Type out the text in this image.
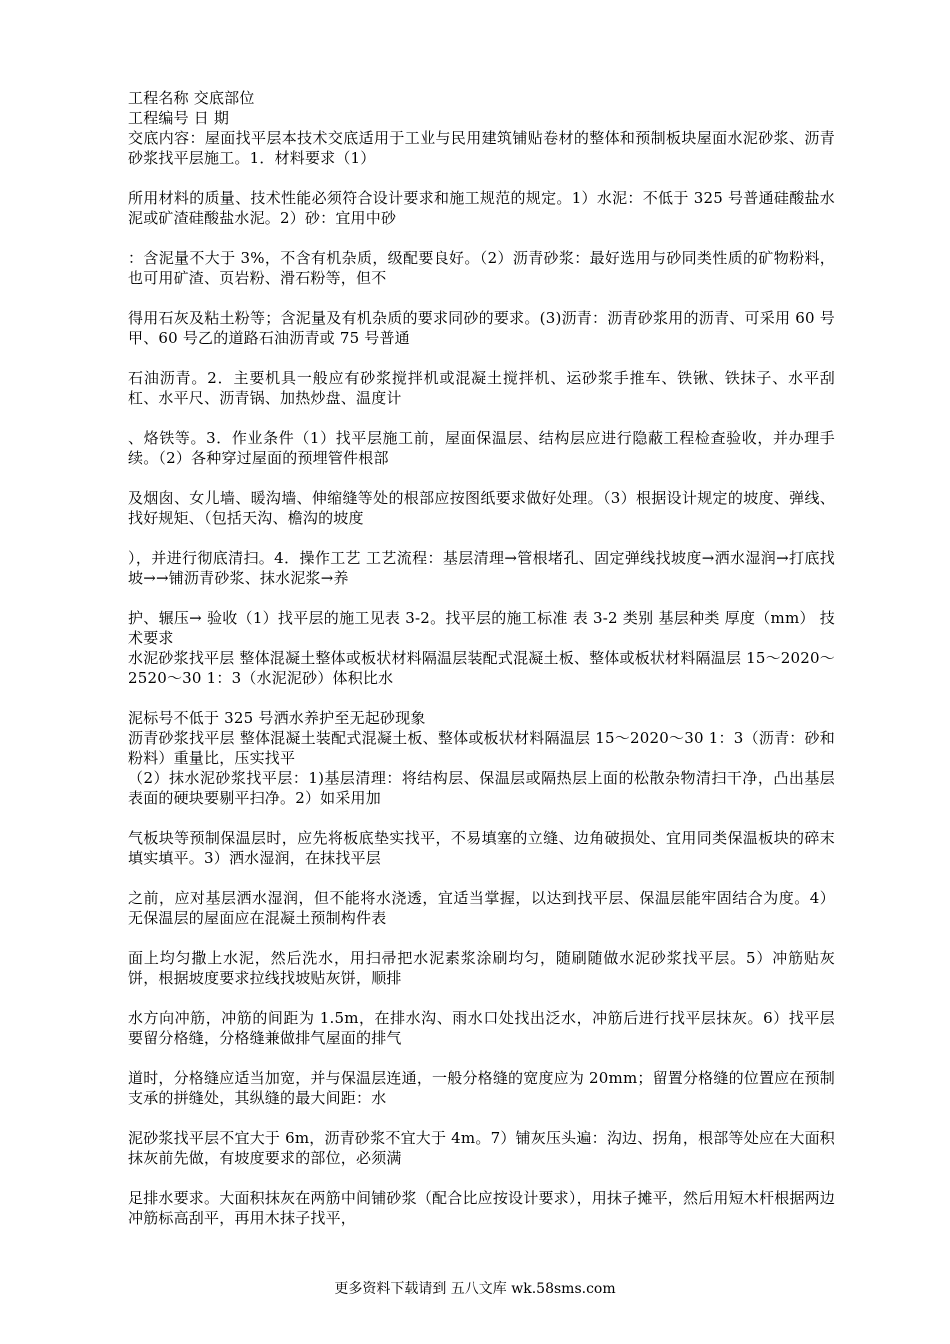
工程名称 交底部位

工程编号 日 期

交底内容：屋面找平层本技术交底适用于工业与民用建筑铺贴卷材的整体和预制板块屋面水泥砂浆、沥青砂浆找平层施工。1．材料要求（1）

所用材料的质量、技术性能必须符合设计要求和施工规范的规定。1）水泥：不低于 325 号普通硅酸盐水泥或矿渣硅酸盐水泥。2）砂：宜用中砂

：含泥量不大于 3%，不含有机杂质，级配要良好。（2）沥青砂浆：最好选用与砂同类性质的矿物粉料，也可用矿渣、页岩粉、滑石粉等，但不

得用石灰及粘土粉等；含泥量及有机杂质的要求同砂的要求。(3)沥青：沥青砂浆用的沥青、可采用 60 号甲、60 号乙的道路石油沥青或 75 号普通

石油沥青。2．主要机具一般应有砂浆搅拌机或混凝土搅拌机、运砂浆手推车、铁锹、铁抹子、水平刮杠、水平尺、沥青锅、加热炒盘、温度计

、烙铁等。3．作业条件（1）找平层施工前，屋面保温层、结构层应进行隐蔽工程检查验收，并办理手续。（2）各种穿过屋面的预埋管件根部

及烟囱、女儿墙、暖沟墙、伸缩缝等处的根部应按图纸要求做好处理。（3）根据设计规定的坡度、弹线、找好规矩、（包括天沟、檐沟的坡度

），并进行彻底清扫。4．操作工艺 工艺流程：基层清理→管根堵孔、固定弹线找坡度→洒水湿润→打底找坡→→铺沥青砂浆、抹水泥浆→养

护、辗压→ 验收（1）找平层的施工见表 3-2。找平层的施工标准 表 3-2 类别 基层种类 厚度（mm） 技术要求

水泥砂浆找平层 整体混凝土整体或板状材料隔温层装配式混凝土板、整体或板状材料隔温层 15～2020～2520～30 1：3（水泥泥砂）体积比水

泥标号不低于 325 号洒水养护至无起砂现象

沥青砂浆找平层 整体混凝土装配式混凝土板、整体或板状材料隔温层 15～2020～30 1：3（沥青：砂和粉料）重量比，压实找平

（2）抹水泥砂浆找平层：1)基层清理：将结构层、保温层或隔热层上面的松散杂物清扫干净，凸出基层表面的硬块要剔平扫净。2）如采用加

气板块等预制保温层时，应先将板底垫实找平，不易填塞的立缝、边角破损处、宜用同类保温板块的碎末填实填平。3）洒水湿润，在抹找平层

之前，应对基层洒水湿润，但不能将水浇透，宜适当掌握，以达到找平层、保温层能牢固结合为度。4）无保温层的屋面应在混凝土预制构件表

面上均匀撒上水泥，然后洗水，用扫帚把水泥素浆涂刷均匀，随刷随做水泥砂浆找平层。5）冲筋贴灰饼，根据坡度要求拉线找坡贴灰饼，顺排

水方向冲筋，冲筋的间距为 1.5m，在排水沟、雨水口处找出泛水，冲筋后进行找平层抹灰。6）找平层要留分格缝，分格缝兼做排气屋面的排气

道时，分格缝应适当加宽，并与保温层连通，一般分格缝的宽度应为 20mm；留置分格缝的位置应在预制支承的拼缝处，其纵缝的最大间距：水

泥砂浆找平层不宜大于 6m，沥青砂浆不宜大于 4m。7）铺灰压头遍：沟边、拐角，根部等处应在大面积抹灰前先做，有坡度要求的部位，必须满

足排水要求。大面积抹灰在两筋中间铺砂浆（配合比应按设计要求），用抹子摊平，然后用短木杆根据两边冲筋标高刮平，再用木抹子找平，

更多资料下载请到 五八文库 wk.58sms.com
